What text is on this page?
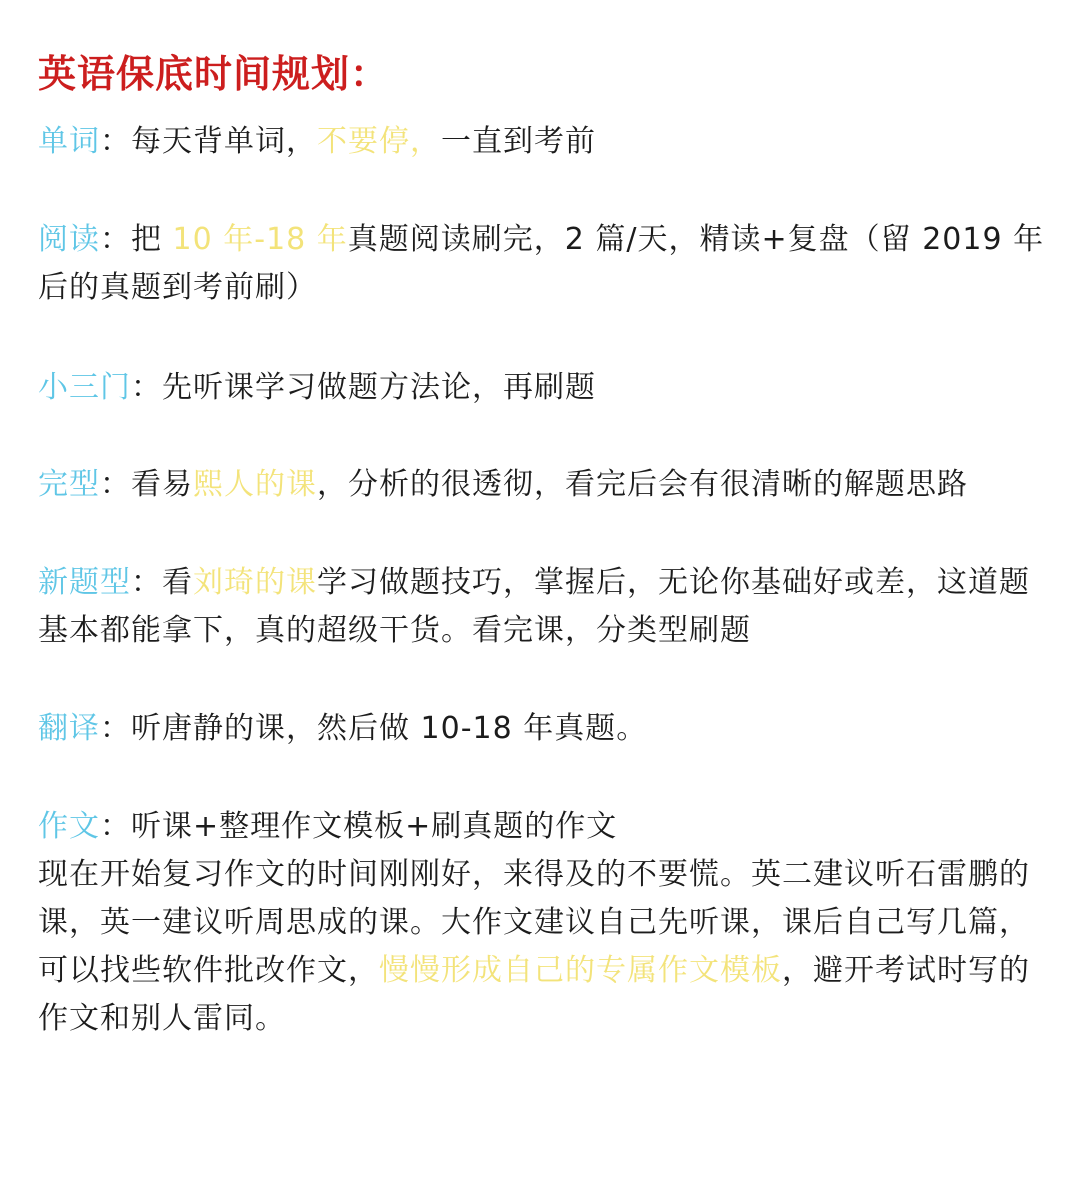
英语保底时间规划：

单词：每天背单词，不要停，一直到考前

阅读：把 10 年-18 年真题阅读刷完，2 篇/天，精读+复盘（留 2019 年后的真题到考前刷）

小三门：先听课学习做题方法论，再刷题

完型：看易熙人的课，分析的很透彻，看完后会有很清晰的解题思路

新题型：看刘琦的课学习做题技巧，掌握后，无论你基础好或差，这道题基本都能拿下，真的超级干货。看完课，分类型刷题

翻译：听唐静的课，然后做 10-18 年真题。

作文：听课+整理作文模板+刷真题的作文
现在开始复习作文的时间刚刚好，来得及的不要慌。英二建议听石雷鹏的课，英一建议听周思成的课。大作文建议自己先听课，课后自己写几篇，可以找些软件批改作文，慢慢形成自己的专属作文模板，避开考试时写的作文和别人雷同。
